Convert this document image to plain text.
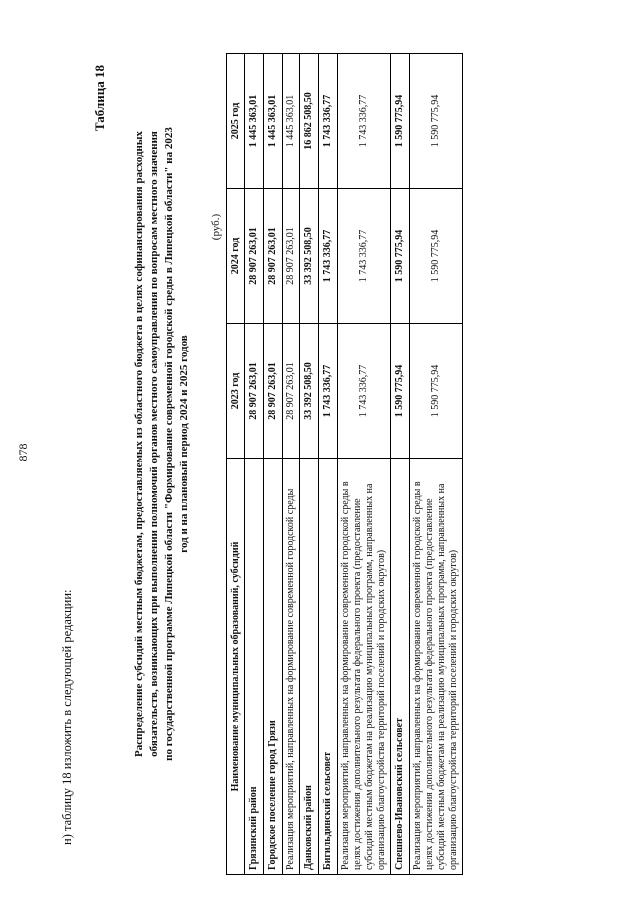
878
н) таблицу 18 изложить в следующей редакции:
Таблица 18
Распределение субсидий местным бюджетам, предоставляемых из областного бюджета в целях софинансирования расходных обязательств, возникающих при выполнении полномочий органов местного самоуправления по вопросам местного значения по государственной программе Липецкой области "Формирование современной городской среды в Липецкой области" на 2023 год и на плановый период 2024 и 2025 годов
(руб.)
Наименование муниципальных образований, субсидий	2023 год	2024 год	2025 год
Грязинский район	28 907 263,01	28 907 263,01	1 445 363,01
Городское поселение город Грязи	28 907 263,01	28 907 263,01	1 445 363,01
Реализация мероприятий, направленных на формирование современной городской среды	28 907 263,01	28 907 263,01	1 445 363,01
Данковский район	33 392 508,50	33 392 508,50	16 862 508,50
Бигильдинский сельсовет	1 743 336,77	1 743 336,77	1 743 336,77
Реализация мероприятий, направленных на формирование современной городской среды в целях достижения дополнительного результата федерального проекта (предоставление субсидий местным бюджетам на реализацию муниципальных программ, направленных на организацию благоустройства территорий поселений и городских округов)	1 743 336,77	1 743 336,77	1 743 336,77
Спешнево-Ивановский сельсовет	1 590 775,94	1 590 775,94	1 590 775,94
Реализация мероприятий, направленных на формирование современной городской среды в целях достижения дополнительного результата федерального проекта (предоставление субсидий местным бюджетам на реализацию муниципальных программ, направленных на организацию благоустройства территорий поселений и городских округов)	1 590 775,94	1 590 775,94	1 590 775,94
